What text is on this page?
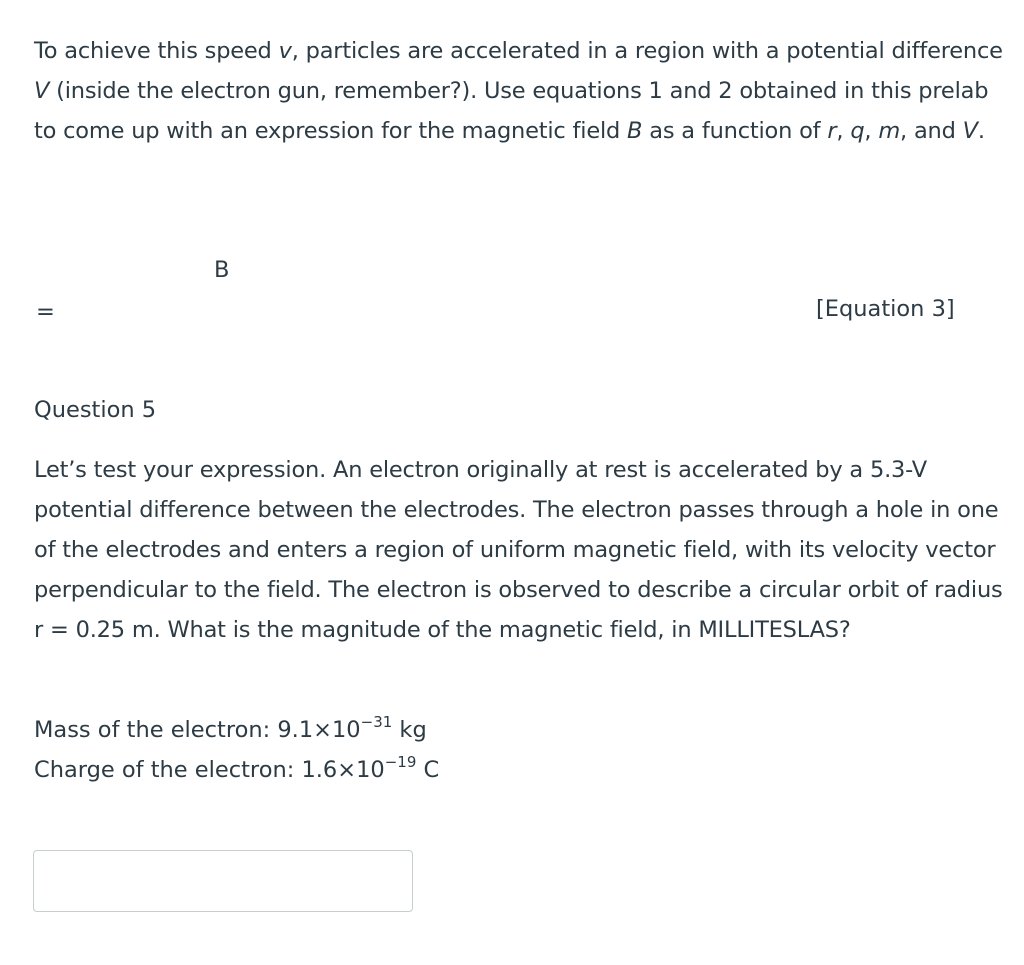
To achieve this speed v, particles are accelerated in a region with a potential difference V (inside the electron gun, remember?). Use equations 1 and 2 obtained in this prelab to come up with an expression for the magnetic field B as a function of r, q, m, and V.

B
=	[Equation 3]
Question 5

Let’s test your expression. An electron originally at rest is accelerated by a 5.3-V potential difference between the electrodes. The electron passes through a hole in one of the electrodes and enters a region of uniform magnetic field, with its velocity vector perpendicular to the field. The electron is observed to describe a circular orbit of radius r = 0.25 m. What is the magnitude of the magnetic field, in MILLITESLAS?

Mass of the electron: $9.1\times 10^{-31}$ kg
Charge of the electron: $1.6\times 10^{-19}$ C
